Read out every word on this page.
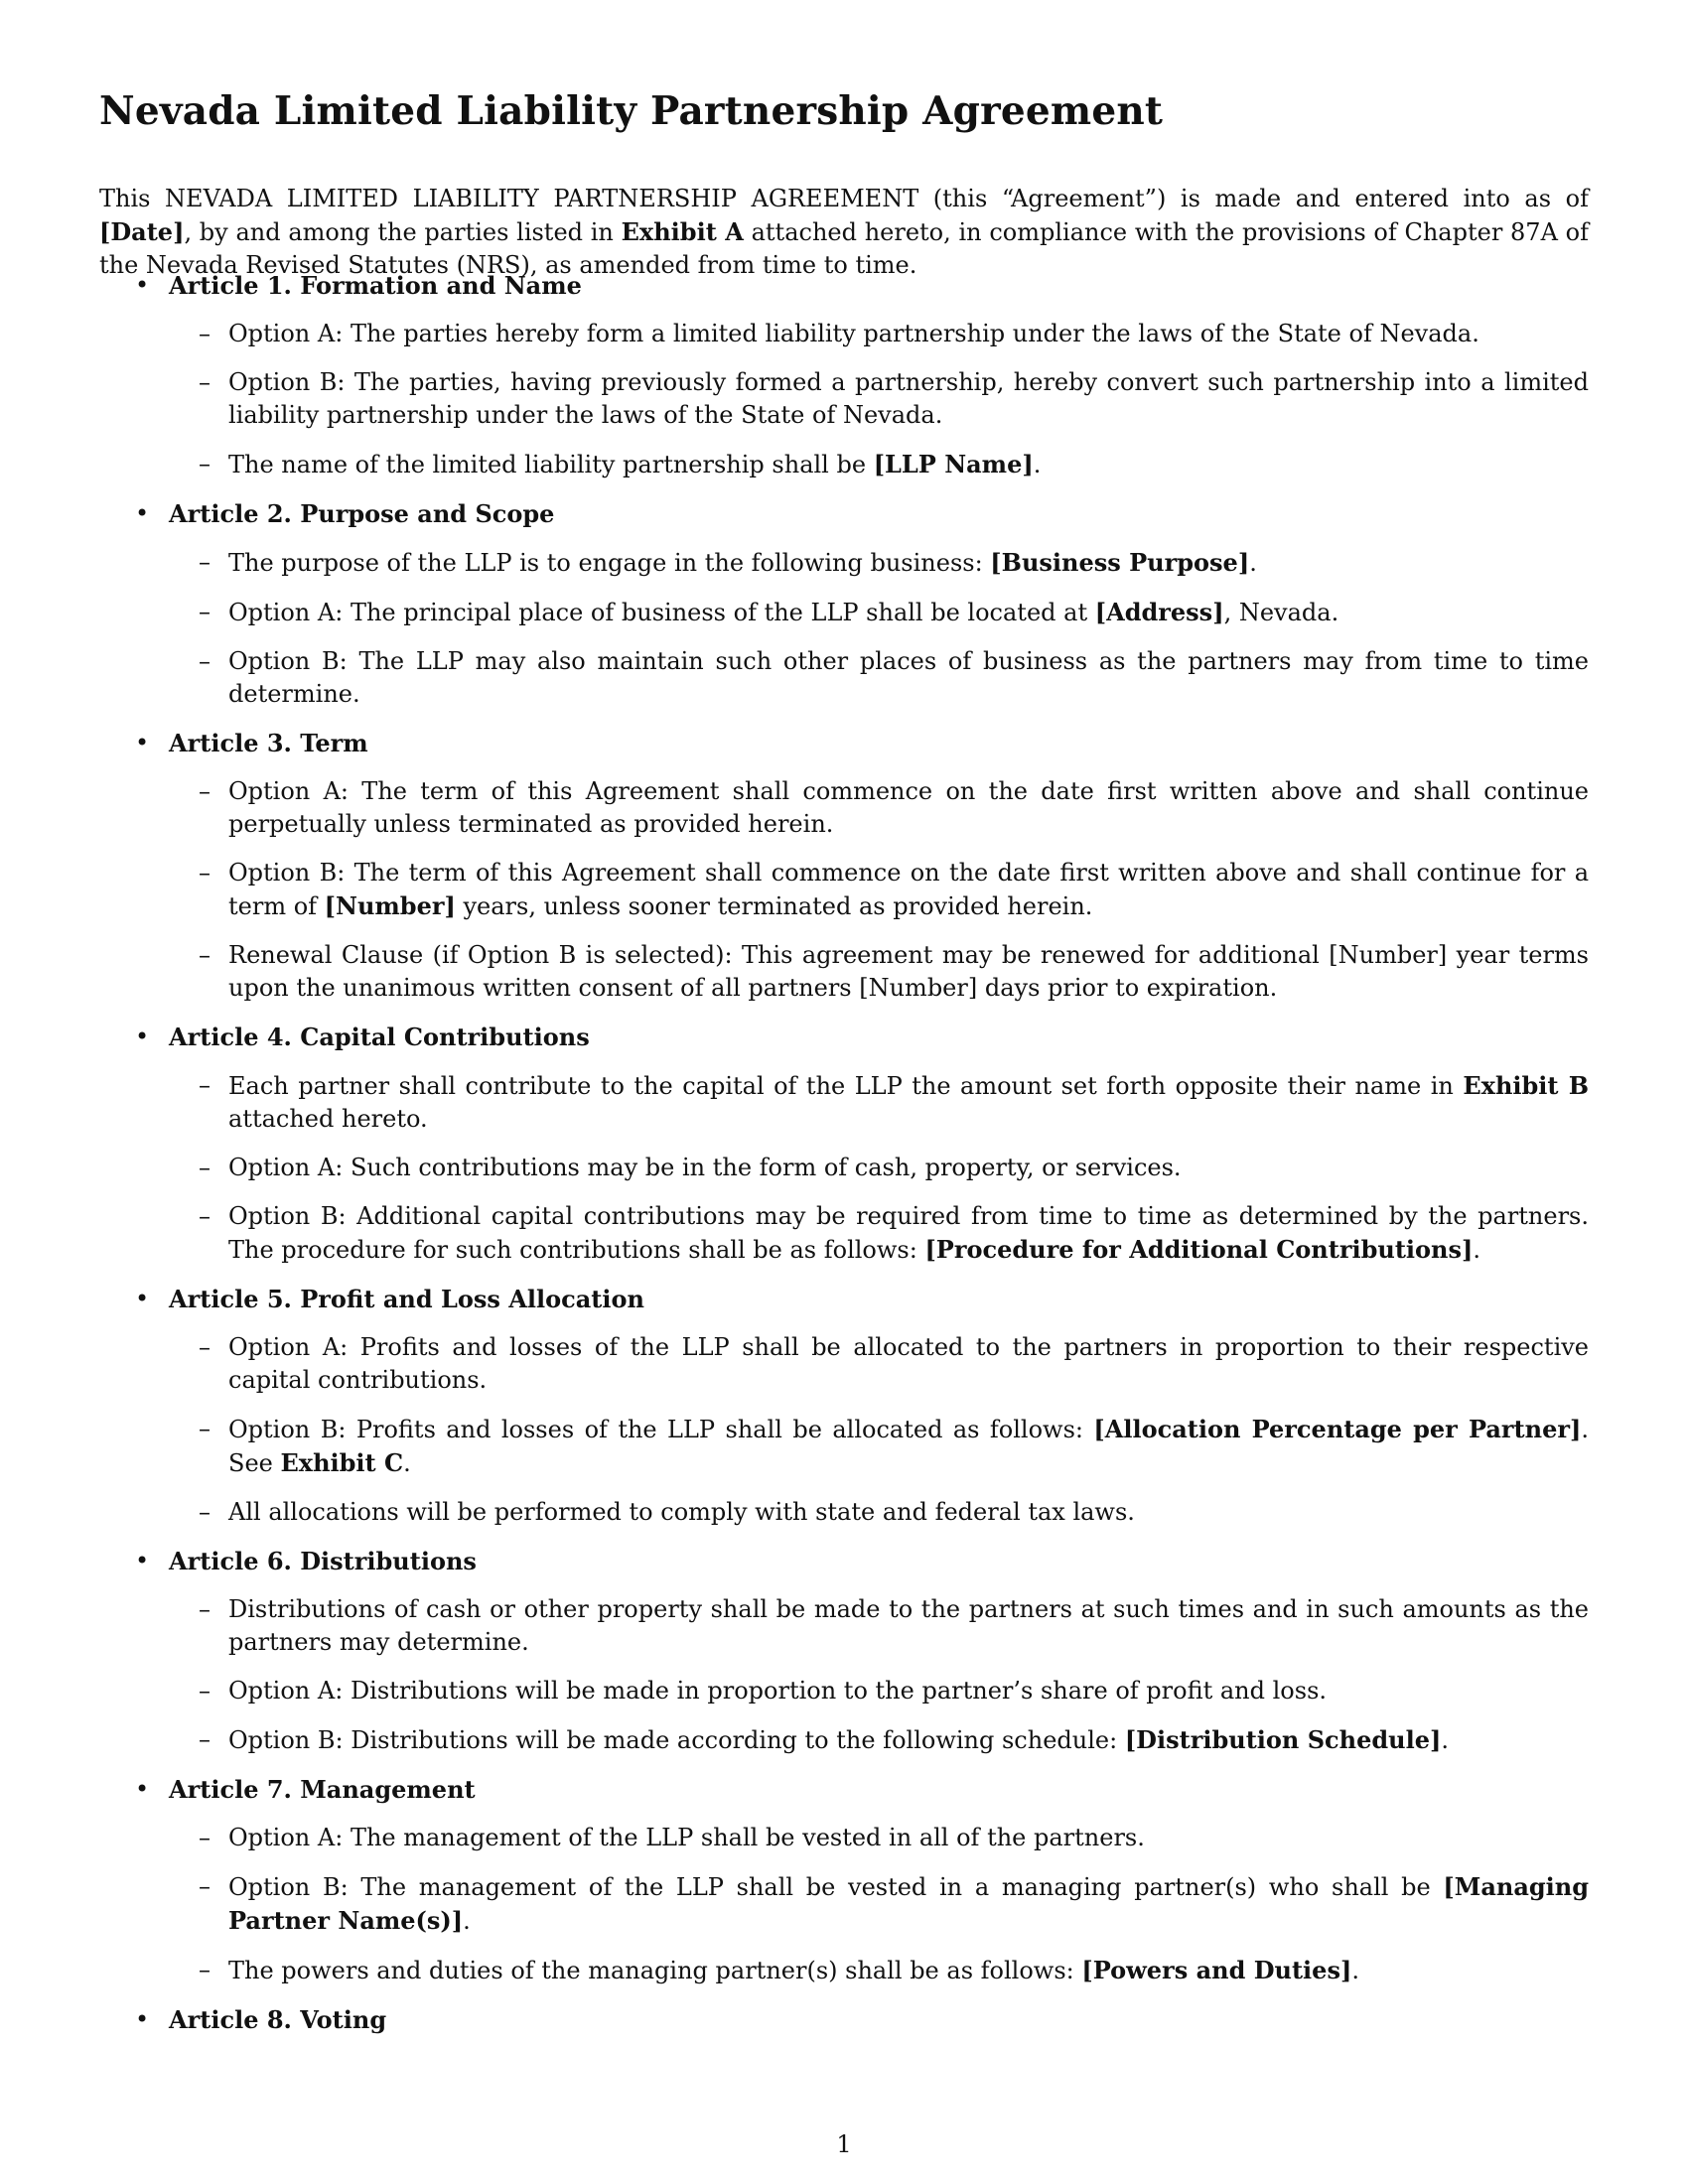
Nevada Limited Liability Partnership Agreement

This NEVADA LIMITED LIABILITY PARTNERSHIP AGREEMENT (this “Agreement”) is made and entered into as of [Date], by and among the parties listed in Exhibit A attached hereto, in compliance with the provisions of Chapter 87A of the Nevada Revised Statutes (NRS), as amended from time to time.

• Article 1. Formation and Name
– Option A: The parties hereby form a limited liability partnership under the laws of the State of Nevada.
– Option B: The parties, having previously formed a partnership, hereby convert such partnership into a limited liability partnership under the laws of the State of Nevada.
– The name of the limited liability partnership shall be [LLP Name].
• Article 2. Purpose and Scope
– The purpose of the LLP is to engage in the following business: [Business Purpose].
– Option A: The principal place of business of the LLP shall be located at [Address], Nevada.
– Option B: The LLP may also maintain such other places of business as the partners may from time to time determine.
• Article 3. Term
– Option A: The term of this Agreement shall commence on the date first written above and shall continue perpetually unless terminated as provided herein.
– Option B: The term of this Agreement shall commence on the date first written above and shall continue for a term of [Number] years, unless sooner terminated as provided herein.
– Renewal Clause (if Option B is selected): This agreement may be renewed for additional [Number] year terms upon the unanimous written consent of all partners [Number] days prior to expiration.
• Article 4. Capital Contributions
– Each partner shall contribute to the capital of the LLP the amount set forth opposite their name in Exhibit B attached hereto.
– Option A: Such contributions may be in the form of cash, property, or services.
– Option B: Additional capital contributions may be required from time to time as determined by the partners. The procedure for such contributions shall be as follows: [Procedure for Additional Contributions].
• Article 5. Profit and Loss Allocation
– Option A: Profits and losses of the LLP shall be allocated to the partners in proportion to their respective capital contributions.
– Option B: Profits and losses of the LLP shall be allocated as follows: [Allocation Percentage per Partner]. See Exhibit C.
– All allocations will be performed to comply with state and federal tax laws.
• Article 6. Distributions
– Distributions of cash or other property shall be made to the partners at such times and in such amounts as the partners may determine.
– Option A: Distributions will be made in proportion to the partner’s share of profit and loss.
– Option B: Distributions will be made according to the following schedule: [Distribution Schedule].
• Article 7. Management
– Option A: The management of the LLP shall be vested in all of the partners.
– Option B: The management of the LLP shall be vested in a managing partner(s) who shall be [Managing Partner Name(s)].
– The powers and duties of the managing partner(s) shall be as follows: [Powers and Duties].
• Article 8. Voting
1
